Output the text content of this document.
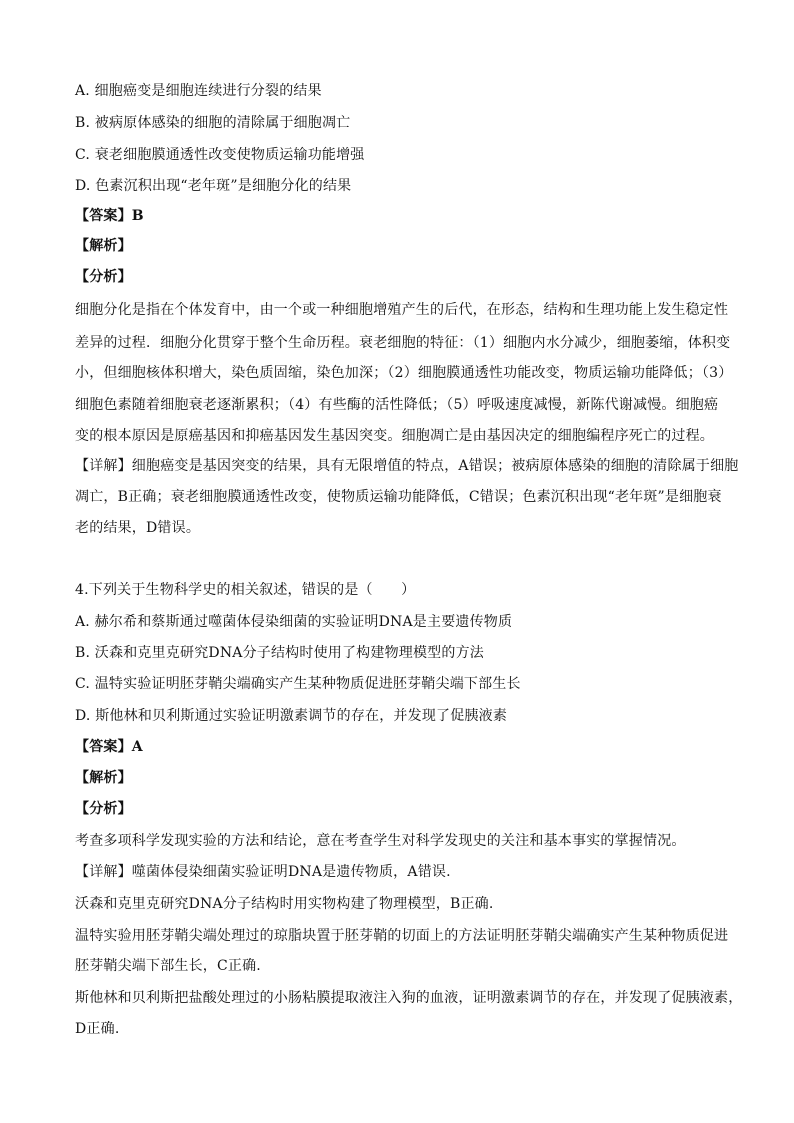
A. 细胞癌变是细胞连续进行分裂的结果
B. 被病原体感染的细胞的清除属于细胞凋亡
C. 衰老细胞膜通透性改变使物质运输功能增强
D. 色素沉积出现“老年斑”是细胞分化的结果
【答案】B
【解析】
【分析】
细胞分化是指在个体发育中，由一个或一种细胞增殖产生的后代，在形态，结构和生理功能上发生稳定性
差异的过程．细胞分化贯穿于整个生命历程。衰老细胞的特征：（1）细胞内水分减少，细胞萎缩，体积变
小，但细胞核体积增大，染色质固缩，染色加深；（2）细胞膜通透性功能改变，物质运输功能降低；（3）
细胞色素随着细胞衰老逐渐累积；（4）有些酶的活性降低；（5）呼吸速度减慢，新陈代谢减慢。细胞癌
变的根本原因是原癌基因和抑癌基因发生基因突变。细胞凋亡是由基因决定的细胞编程序死亡的过程。
【详解】细胞癌变是基因突变的结果，具有无限增值的特点，A错误；被病原体感染的细胞的清除属于细胞
凋亡，B正确；衰老细胞膜通透性改变，使物质运输功能降低，C错误；色素沉积出现“老年斑”是细胞衰
老的结果，D错误。
4.下列关于生物科学史的相关叙述，错误的是（　　）
A. 赫尔希和蔡斯通过噬菌体侵染细菌的实验证明DNA是主要遗传物质
B. 沃森和克里克研究DNA分子结构时使用了构建物理模型的方法
C. 温特实验证明胚芽鞘尖端确实产生某种物质促进胚芽鞘尖端下部生长
D. 斯他林和贝利斯通过实验证明激素调节的存在，并发现了促胰液素
【答案】A
【解析】
【分析】
考查多项科学发现实验的方法和结论，意在考查学生对科学发现史的关注和基本事实的掌握情况。
【详解】噬菌体侵染细菌实验证明DNA是遗传物质，A错误.
沃森和克里克研究DNA分子结构时用实物构建了物理模型，B正确.
温特实验用胚芽鞘尖端处理过的琼脂块置于胚芽鞘的切面上的方法证明胚芽鞘尖端确实产生某种物质促进
胚芽鞘尖端下部生长，C正确.
斯他林和贝利斯把盐酸处理过的小肠粘膜提取液注入狗的血液，证明激素调节的存在，并发现了促胰液素，
D正确.
